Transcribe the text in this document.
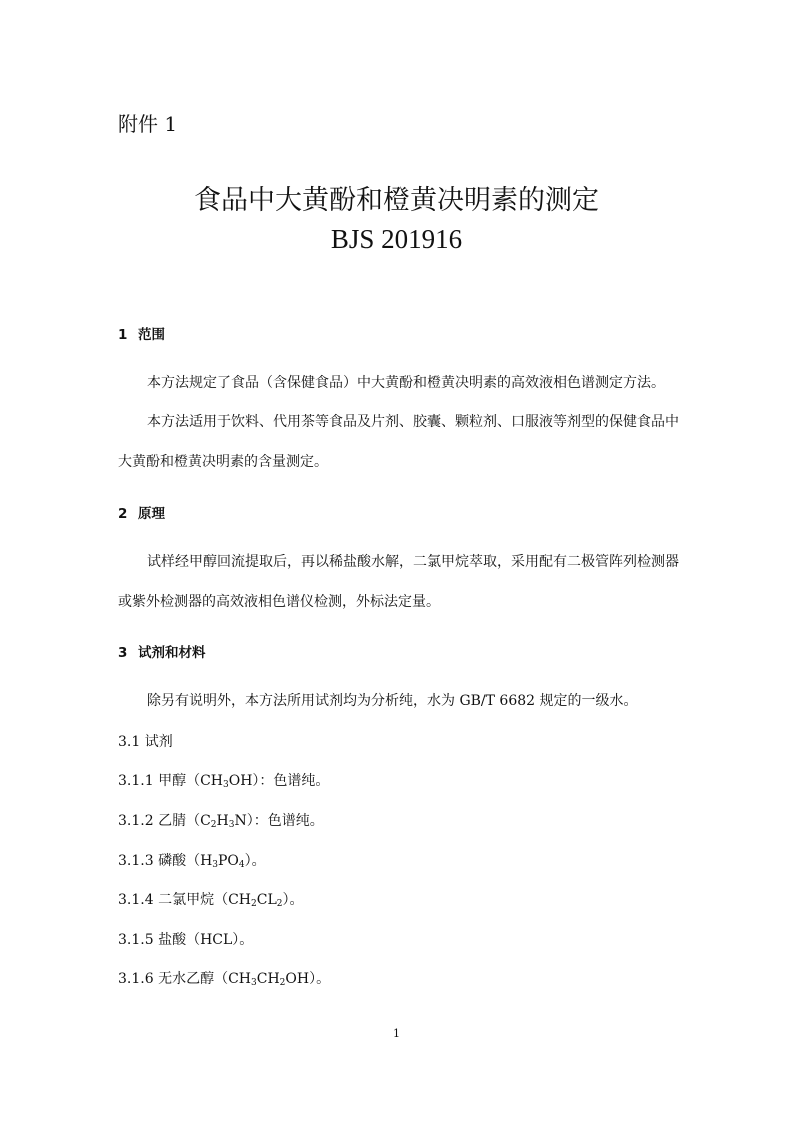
附件 1
食品中大黄酚和橙黄决明素的测定
BJS 201916
1 范围
本方法规定了食品（含保健食品）中大黄酚和橙黄决明素的高效液相色谱测定方法。
本方法适用于饮料、代用茶等食品及片剂、胶囊、颗粒剂、口服液等剂型的保健食品中
大黄酚和橙黄决明素的含量测定。
2 原理
试样经甲醇回流提取后，再以稀盐酸水解，二氯甲烷萃取，采用配有二极管阵列检测器
或紫外检测器的高效液相色谱仪检测，外标法定量。
3 试剂和材料
除另有说明外，本方法所用试剂均为分析纯，水为 GB/T 6682 规定的一级水。
3.1 试剂
3.1.1 甲醇$(CH_3OH)$：色谱纯。
3.1.2 乙腈$(C_2H_3N)$：色谱纯。
3.1.3 磷酸$(H_3PO_4)$。
3.1.4 二氯甲烷$(CH_2CL_2)$。
3.1.5 盐酸（HCL）。
3.1.6 无水乙醇$(CH_3CH_2OH)$。
1
